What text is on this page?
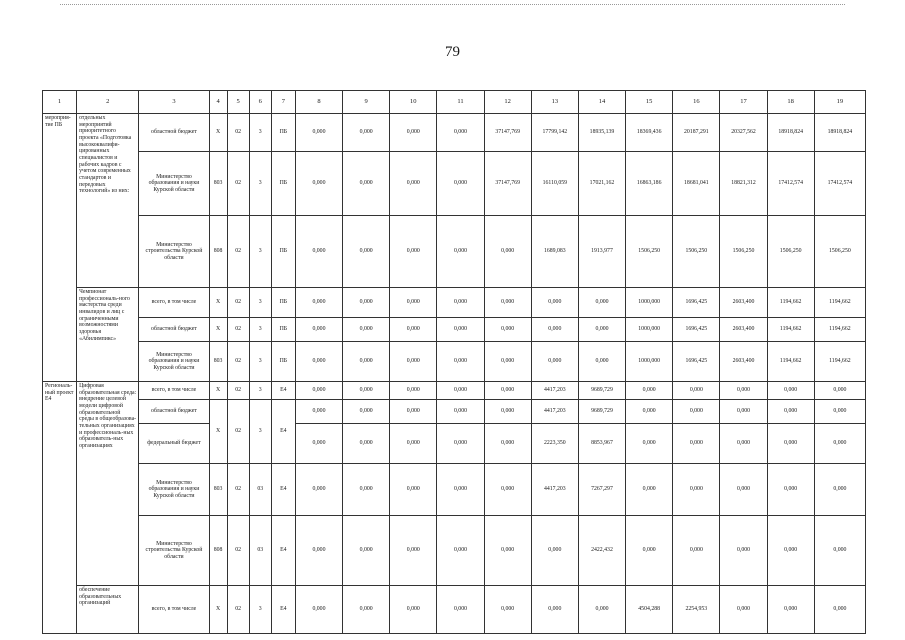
79
1	2	3	4	5	6	7	8	9	10	11	12	13	14	15	16	17	18	19
мероприя-тие ПБ	отдельных мероприятий приоритетного проекта «Подготовка высококвалифи-цированных специалистов и рабочих кадров с учетом современных стандартов и передовых технологий» из них:	областной бюджет	Х	02	3	ПБ	0,000	0,000	0,000	0,000	37147,769	17799,142	18935,139	18369,436	20187,291	20327,562	18918,824	18918,824
		Министерство образования и науки Курской области	803	02	3	ПБ	0,000	0,000	0,000	0,000	37147,769	16110,059	17021,162	16863,186	18681,041	18821,312	17412,574	17412,574
		Министерство строительства Курской области	808	02	3	ПБ	0,000	0,000	0,000	0,000	0,000	1689,083	1913,977	1506,250	1506,250	1506,250	1506,250	1506,250
	Чемпионат профессиональ-ного мастерства среди инвалидов и лиц с ограниченными возможностями здоровья «Абилимпикс»	всего, в том числе	Х	02	3	ПБ	0,000	0,000	0,000	0,000	0,000	0,000	0,000	1000,000	1696,425	2603,400	1194,662	1194,662
		областной бюджет	Х	02	3	ПБ	0,000	0,000	0,000	0,000	0,000	0,000	0,000	1000,000	1696,425	2603,400	1194,662	1194,662
		Министерство образования и науки Курской области	803	02	3	ПБ	0,000	0,000	0,000	0,000	0,000	0,000	0,000	1000,000	1696,425	2603,400	1194,662	1194,662
Региональ-ный проект Е4	Цифровая образовательная среда: внедрение целевой модели цифровой образовательной среды в общеобразова-тельных организациях и профессиональ-ных образователь-ных организациях	всего, в том числе	Х	02	3	Е4	0,000	0,000	0,000	0,000	0,000	4417,203	9689,729	0,000	0,000	0,000	0,000	0,000
		областной бюджет	Х	02	3	Е4	0,000	0,000	0,000	0,000	0,000	4417,203	9689,729	0,000	0,000	0,000	0,000	0,000
		федеральный бюджет					0,000	0,000	0,000	0,000	0,000	2223,350	8853,967	0,000	0,000	0,000	0,000	0,000
		Министерство образования и науки Курской области	803	02	03	Е4	0,000	0,000	0,000	0,000	0,000	4417,203	7267,297	0,000	0,000	0,000	0,000	0,000
		Министерство строительства Курской области	808	02	03	Е4	0,000	0,000	0,000	0,000	0,000	0,000	2422,432	0,000	0,000	0,000	0,000	0,000
	обеспечение образовательных организаций	всего, в том числе	Х	02	3	Е4	0,000	0,000	0,000	0,000	0,000	0,000	0,000	4504,288	2254,953	0,000	0,000	0,000
